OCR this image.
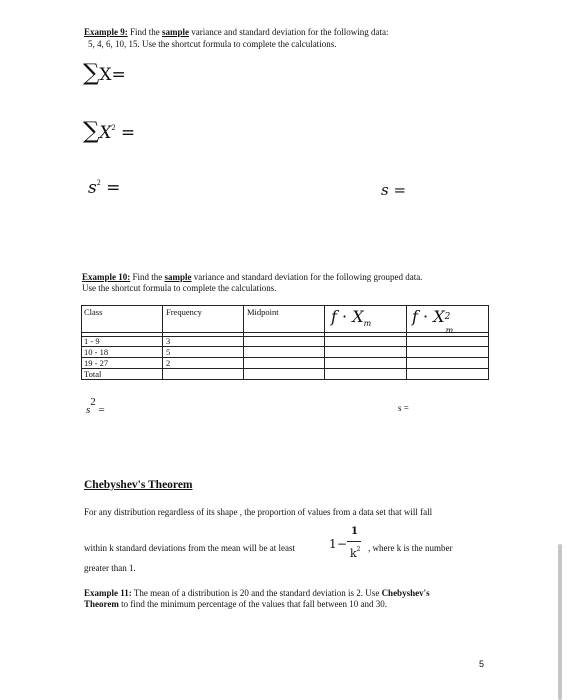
Example 9: Find the sample variance and standard deviation for the following data:
5, 4, 6, 10, 15. Use the shortcut formula to complete the calculations.
∑X=
$\sum X^2$ =
$s^2$ =	s =
Example 10: Find the sample variance and standard deviation for the following grouped data.
Use the shortcut formula to complete the calculations.
Class	Frequency	Midpoint	$f \cdot X_m$	f · X 2
m
1 - 9	3
10 - 18	5
19 - 27	2
Total
$s^2$ =	s =
Chebyshev's Theorem
For any distribution regardless of its shape , the proportion of values from a data set that will fall
within k standard deviations from the mean will be at least	1 −
1
$k^2$ , where k is the number
greater than 1.
Example 11: The mean of a distribution is 20 and the standard deviation is 2. Use Chebyshev's
Theorem to find the minimum percentage of the values that fall between 10 and 30.
5
